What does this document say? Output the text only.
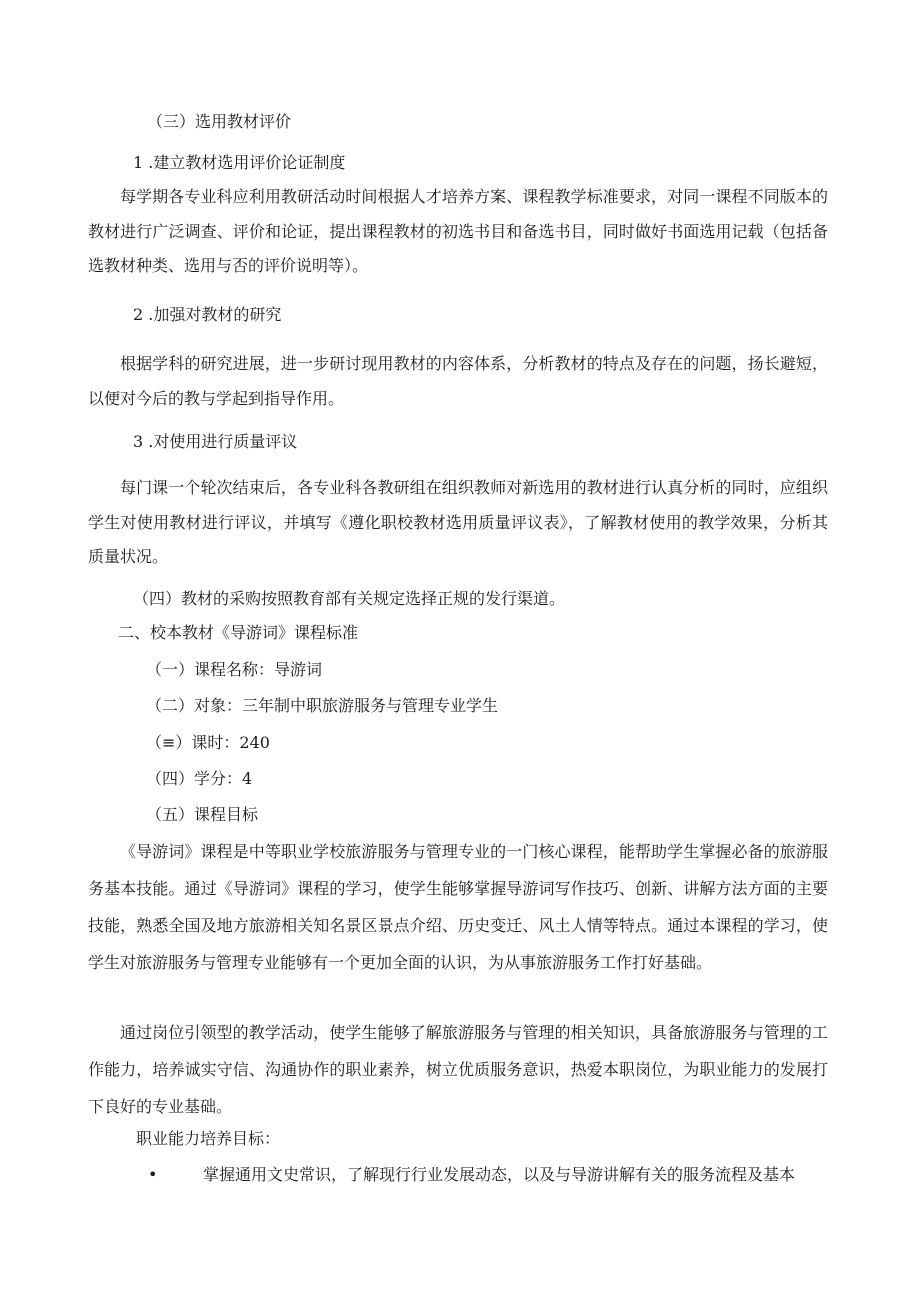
（三）选用教材评价
1 .建立教材选用评价论证制度
每学期各专业科应利用教研活动时间根据人才培养方案、课程教学标准要求，对同一课程不同版本的教材进行广泛调查、评价和论证，提出课程教材的初选书目和备选书目，同时做好书面选用记载（包括备选教材种类、选用与否的评价说明等）。
2 .加强对教材的研究
根据学科的研究进展，进一步研讨现用教材的内容体系，分析教材的特点及存在的问题，扬长避短，以便对今后的教与学起到指导作用。
3 .对使用进行质量评议
每门课一个轮次结束后，各专业科各教研组在组织教师对新选用的教材进行认真分析的同时，应组织学生对使用教材进行评议，并填写《遵化职校教材选用质量评议表》，了解教材使用的教学效果，分析其质量状况。
（四）教材的采购按照教育部有关规定选择正规的发行渠道。
二、校本教材《导游词》课程标准
（一）课程名称：导游词
（二）对象：三年制中职旅游服务与管理专业学生
（≡）课时：240
（四）学分：4
（五）课程目标
《导游词》课程是中等职业学校旅游服务与管理专业的一门核心课程，能帮助学生掌握必备的旅游服务基本技能。通过《导游词》课程的学习，使学生能够掌握导游词写作技巧、创新、讲解方法方面的主要技能，熟悉全国及地方旅游相关知名景区景点介绍、历史变迁、风土人情等特点。通过本课程的学习，使学生对旅游服务与管理专业能够有一个更加全面的认识，为从事旅游服务工作打好基础。
通过岗位引领型的教学活动，使学生能够了解旅游服务与管理的相关知识，具备旅游服务与管理的工作能力，培养诚实守信、沟通协作的职业素养，树立优质服务意识，热爱本职岗位，为职业能力的发展打下良好的专业基础。
职业能力培养目标：
•	掌握通用文史常识，了解现行行业发展动态，以及与导游讲解有关的服务流程及基本
